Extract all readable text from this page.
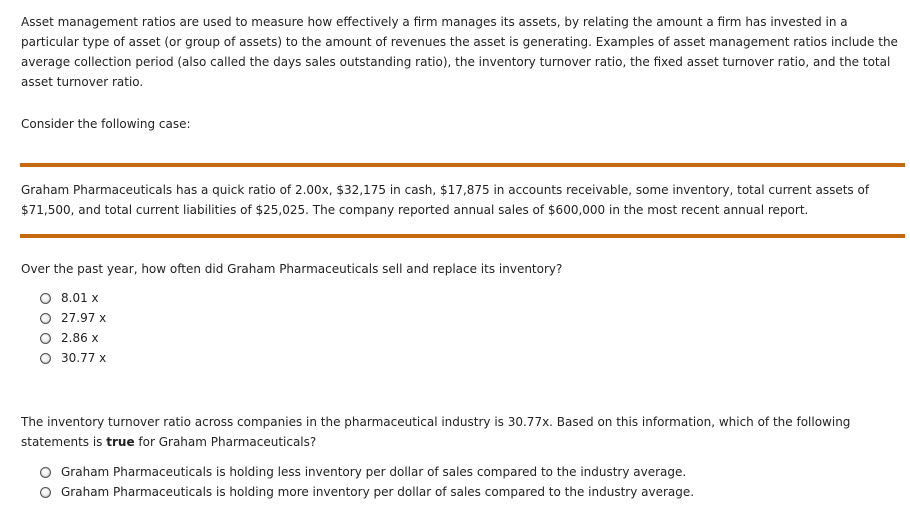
Asset management ratios are used to measure how effectively a firm manages its assets, by relating the amount a firm has invested in a particular type of asset (or group of assets) to the amount of revenues the asset is generating. Examples of asset management ratios include the average collection period (also called the days sales outstanding ratio), the inventory turnover ratio, the fixed asset turnover ratio, and the total asset turnover ratio.

Consider the following case:

Graham Pharmaceuticals has a quick ratio of 2.00x, $32,175 in cash, $17,875 in accounts receivable, some inventory, total current assets of $71,500, and total current liabilities of $25,025. The company reported annual sales of $600,000 in the most recent annual report.

Over the past year, how often did Graham Pharmaceuticals sell and replace its inventory?

8.01 x
27.97 x
2.86 x
30.77 x

The inventory turnover ratio across companies in the pharmaceutical industry is 30.77x. Based on this information, which of the following statements is true for Graham Pharmaceuticals?

Graham Pharmaceuticals is holding less inventory per dollar of sales compared to the industry average.
Graham Pharmaceuticals is holding more inventory per dollar of sales compared to the industry average.
